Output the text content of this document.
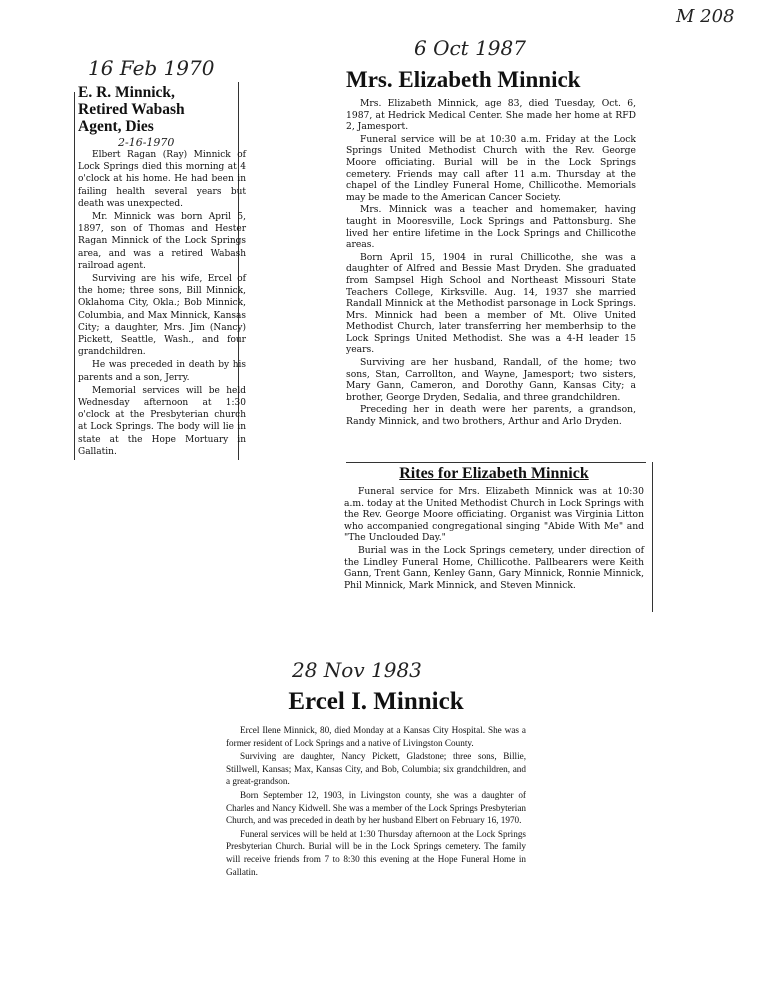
M 208
16 Feb 1970
E. R. Minnick, Retired Wabash Agent, Dies
2-16-1970

Elbert Ragan (Ray) Minnick of Lock Springs died this morning at 4 o'clock at his home. He had been in failing health several years but death was unexpected.

Mr. Minnick was born April 5, 1897, son of Thomas and Hester Ragan Minnick of the Lock Springs area, and was a retired Wabash railroad agent.

Surviving are his wife, Ercel of the home; three sons, Bill Minnick, Oklahoma City, Okla.; Bob Minnick, Columbia, and Max Minnick, Kansas City; a daughter, Mrs. Jim (Nancy) Pickett, Seattle, Wash., and four grandchildren.

He was preceded in death by his parents and a son, Jerry.

Memorial services will be held Wednesday afternoon at 1:30 o'clock at the Presbyterian church at Lock Springs. The body will lie in state at the Hope Mortuary in Gallatin.

6 Oct 1987
Mrs. Elizabeth Minnick

Mrs. Elizabeth Minnick, age 83, died Tuesday, Oct. 6, 1987, at Hedrick Medical Center. She made her home at RFD 2, Jamesport.

Funeral service will be at 10:30 a.m. Friday at the Lock Springs United Methodist Church with the Rev. George Moore officiating. Burial will be in the Lock Springs cemetery. Friends may call after 11 a.m. Thursday at the chapel of the Lindley Funeral Home, Chillicothe. Memorials may be made to the American Cancer Society.

Mrs. Minnick was a teacher and homemaker, having taught in Mooresville, Lock Springs and Pattonsburg. She lived her entire lifetime in the Lock Springs and Chillicothe areas.

Born April 15, 1904 in rural Chillicothe, she was a daughter of Alfred and Bessie Mast Dryden. She graduated from Sampsel High School and Northeast Missouri State Teachers College, Kirksville. Aug. 14, 1937 she married Randall Minnick at the Methodist parsonage in Lock Springs. Mrs. Minnick had been a member of Mt. Olive United Methodist Church, later transferring her memberhsip to the Lock Springs United Methodist. She was a 4-H leader 15 years.

Surviving are her husband, Randall, of the home; two sons, Stan, Carrollton, and Wayne, Jamesport; two sisters, Mary Gann, Cameron, and Dorothy Gann, Kansas City; a brother, George Dryden, Sedalia, and three grandchildren.

Preceding her in death were her parents, a grandson, Randy Minnick, and two brothers, Arthur and Arlo Dryden.

Rites for Elizabeth Minnick

Funeral service for Mrs. Elizabeth Minnick was at 10:30 a.m. today at the United Methodist Church in Lock Springs with the Rev. George Moore officiating. Organist was Virginia Litton who accompanied congregational singing "Abide With Me" and "The Unclouded Day."

Burial was in the Lock Springs cemetery, under direction of the Lindley Funeral Home, Chillicothe. Pallbearers were Keith Gann, Trent Gann, Kenley Gann, Gary Minnick, Ronnie Minnick, Phil Minnick, Mark Minnick, and Steven Minnick.

28 Nov 1983
Ercel I. Minnick

Ercel Ilene Minnick, 80, died Monday at a Kansas City Hospital. She was a former resident of Lock Springs and a native of Livingston County.

Surviving are daughter, Nancy Pickett, Gladstone; three sons, Billie, Stillwell, Kansas; Max, Kansas City, and Bob, Columbia; six grandchildren, and a great-grandson.

Born September 12, 1903, in Livingston county, she was a daughter of Charles and Nancy Kidwell. She was a member of the Lock Springs Presbyterian Church, and was preceded in death by her husband Elbert on February 16, 1970.

Funeral services will be held at 1:30 Thursday afternoon at the Lock Springs Presbyterian Church. Burial will be in the Lock Springs cemetery. The family will receive friends from 7 to 8:30 this evening at the Hope Funeral Home in Gallatin.
